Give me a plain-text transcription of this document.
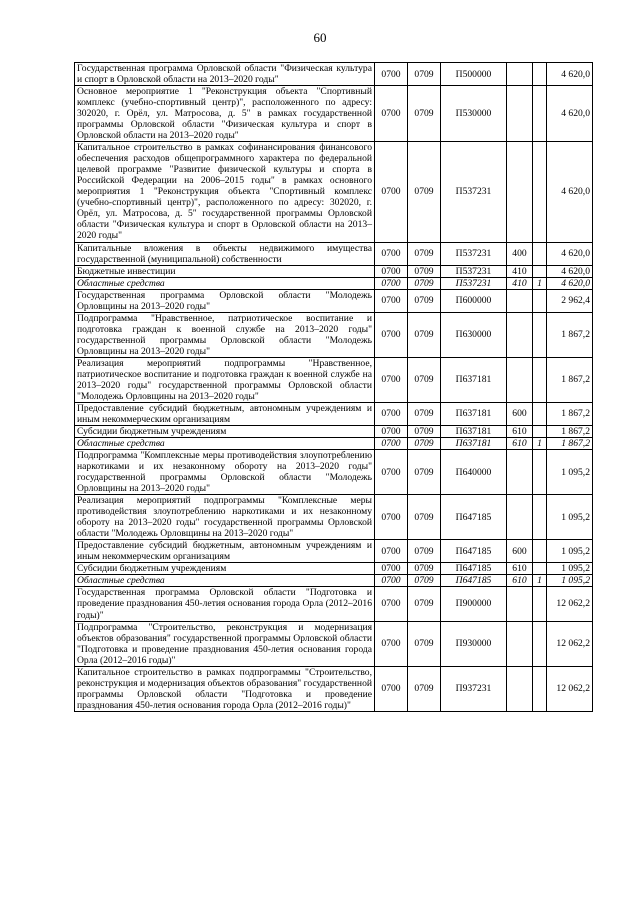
60
Государственная программа Орловской области "Физическая культура и спорт в Орловской области на 2013–2020 годы"	0700	0709	П500000			4 620,0
Основное мероприятие 1 "Реконструкция объекта "Спортивный комплекс (учебно-спортивный центр)", расположенного по адресу: 302020, г. Орёл, ул. Матросова, д. 5" в рамках государственной программы Орловской области "Физическая культура и спорт в Орловской области на 2013–2020 годы"	0700	0709	П530000			4 620,0
Капитальное строительство в рамках софинансирования финансового обеспечения расходов общепрограммного характера по федеральной целевой программе "Развитие физической культуры и спорта в Российской Федерации на 2006–2015 годы" в рамках основного мероприятия 1 "Реконструкция объекта "Спортивный комплекс (учебно-спортивный центр)", расположенного по адресу: 302020, г. Орёл, ул. Матросова, д. 5" государственной программы Орловской области "Физическая культура и спорт в Орловской области на 2013–2020 годы"	0700	0709	П537231			4 620,0
Капитальные вложения в объекты недвижимого имущества государственной (муниципальной) собственности	0700	0709	П537231	400		4 620,0
Бюджетные инвестиции	0700	0709	П537231	410		4 620,0
Областные средства	0700	0709	П537231	410	1	4 620,0
Государственная программа Орловской области "Молодежь Орловщины на 2013–2020 годы"	0700	0709	П600000			2 962,4
Подпрограмма "Нравственное, патриотическое воспитание и подготовка граждан к военной службе на 2013–2020 годы" государственной программы Орловской области "Молодежь Орловщины на 2013–2020 годы"	0700	0709	П630000			1 867,2
Реализация мероприятий подпрограммы "Нравственное, патриотическое воспитание и подготовка граждан к военной службе на 2013–2020 годы" государственной программы Орловской области "Молодежь Орловщины на 2013–2020 годы"	0700	0709	П637181			1 867,2
Предоставление субсидий бюджетным, автономным учреждениям и иным некоммерческим организациям	0700	0709	П637181	600		1 867,2
Субсидии бюджетным учреждениям	0700	0709	П637181	610		1 867,2
Областные средства	0700	0709	П637181	610	1	1 867,2
Подпрограмма "Комплексные меры противодействия злоупотреблению наркотиками и их незаконному обороту на 2013–2020 годы" государственной программы Орловской области "Молодежь Орловщины на 2013–2020 годы"	0700	0709	П640000			1 095,2
Реализация мероприятий подпрограммы "Комплексные меры противодействия злоупотреблению наркотиками и их незаконному обороту на 2013–2020 годы" государственной программы Орловской области "Молодежь Орловщины на 2013–2020 годы"	0700	0709	П647185			1 095,2
Предоставление субсидий бюджетным, автономным учреждениям и иным некоммерческим организациям	0700	0709	П647185	600		1 095,2
Субсидии бюджетным учреждениям	0700	0709	П647185	610		1 095,2
Областные средства	0700	0709	П647185	610	1	1 095,2
Государственная программа Орловской области "Подготовка и проведение празднования 450-летия основания города Орла (2012–2016 годы)"	0700	0709	П900000			12 062,2
Подпрограмма "Строительство, реконструкция и модернизация объектов образования" государственной программы Орловской области "Подготовка и проведение празднования 450-летия основания города Орла (2012–2016 годы)"	0700	0709	П930000			12 062,2
Капитальное строительство в рамках подпрограммы "Строительство, реконструкция и модернизация объектов образования" государственной программы Орловской области "Подготовка и проведение празднования 450-летия основания города Орла (2012–2016 годы)"	0700	0709	П937231			12 062,2
